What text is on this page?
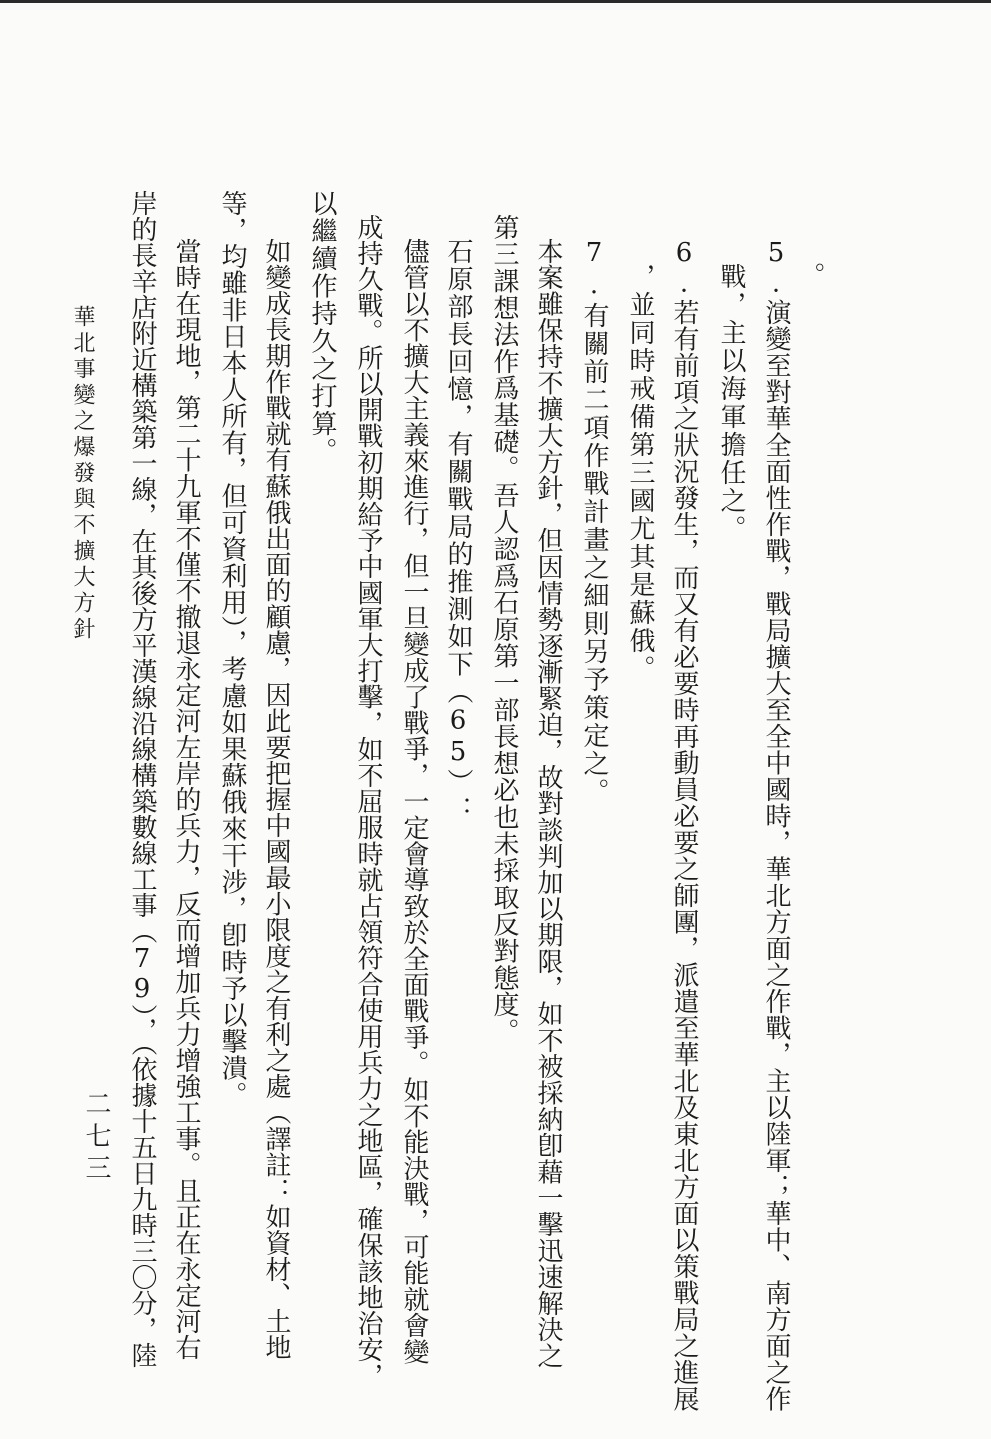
。
5.演變至對華全面性作戰，戰局擴大至全中國時，華北方面之作戰，主以陸軍；華中、南方面之作
戰，主以海軍擔任之。
6.若有前項之狀況發生，而又有必要時再動員必要之師團，派遣至華北及東北方面以策戰局之進展
，並同時戒備第三國尤其是蘇俄。
7.有關前二項作戰計畫之細則另予策定之。
本案雖保持不擴大方針，但因情勢逐漸緊迫，故對談判加以期限，如不被採納卽藉一擊迅速解決之
第三課想法作爲基礎。吾人認爲石原第一部長想必也未採取反對態度。
石原部長回憶，有關戰局的推測如下（65）：
儘管以不擴大主義來進行，但一旦變成了戰爭，一定會導致於全面戰爭。如不能決戰，可能就會變
成持久戰。所以開戰初期給予中國軍大打擊，如不屈服時就占領符合使用兵力之地區，確保該地治安，
以繼續作持久之打算。
如變成長期作戰就有蘇俄出面的顧慮，因此要把握中國最小限度之有利之處（譯註：如資材、土地
等，均雖非日本人所有，但可資利用），考慮如果蘇俄來干涉，卽時予以擊潰。
當時在現地，第二十九軍不僅不撤退永定河左岸的兵力，反而增加兵力增強工事。且正在永定河右
岸的長辛店附近構築第一線，在其後方平漢線沿線構築數線工事（79），（依據十五日九時三〇分，陸
華北事變之爆發與不擴大方針
二七三
